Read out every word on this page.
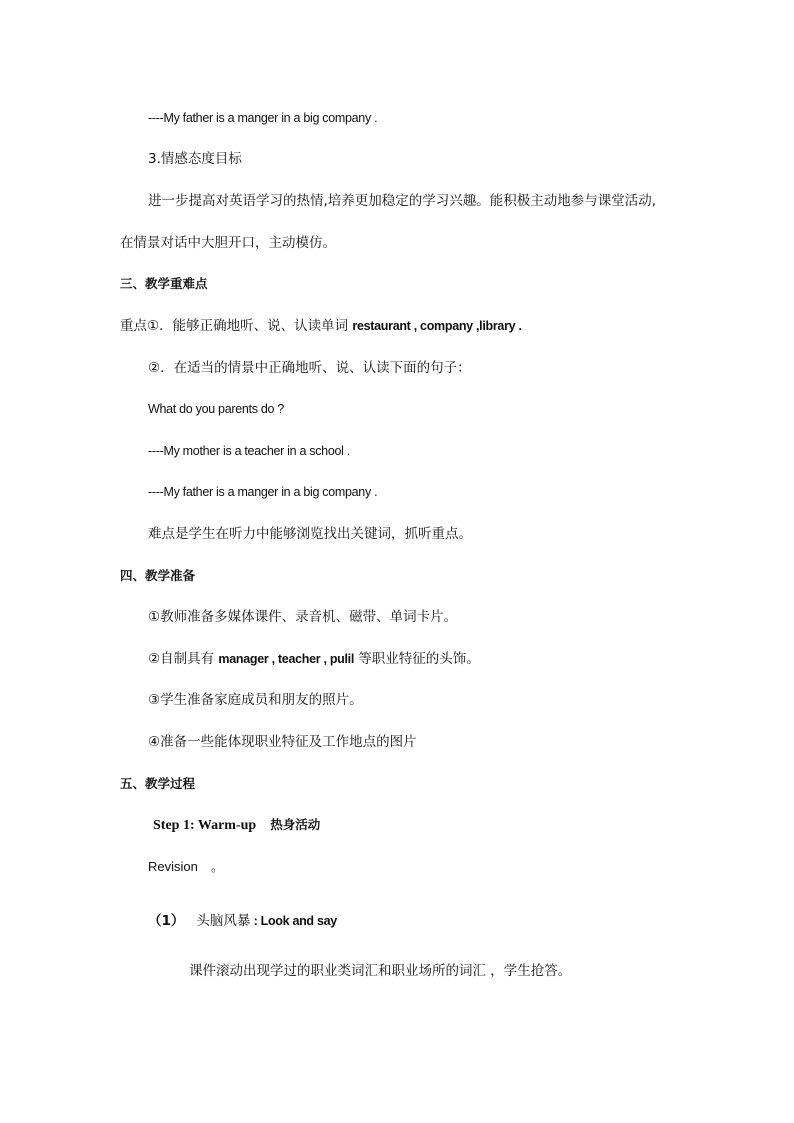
----My father is a manger in a big company .
3.情感态度目标
进一步提高对英语学习的热情,培养更加稳定的学习兴趣。能积极主动地参与课堂活动,
在情景对话中大胆开口，主动模仿。
三、教学重难点
重点①．能够正确地听、说、认读单词 restaurant , company ,library .
②．在适当的情景中正确地听、说、认读下面的句子：
What do you parents do ?
----My mother is a teacher in a school .
----My father is a manger in a big company .
难点是学生在听力中能够浏览找出关键词，抓听重点。
四、教学准备
①教师准备多媒体课件、录音机、磁带、单词卡片。
②自制具有 manager , teacher , pulil 等职业特征的头饰。
③学生准备家庭成员和朋友的照片。
④准备一些能体现职业特征及工作地点的图片
五、教学过程
Step 1: Warm-up 热身活动
Revision　。
（1） 头脑风暴 : Look and say
课件滚动出现学过的职业类词汇和职业场所的词汇 ，学生抢答。
